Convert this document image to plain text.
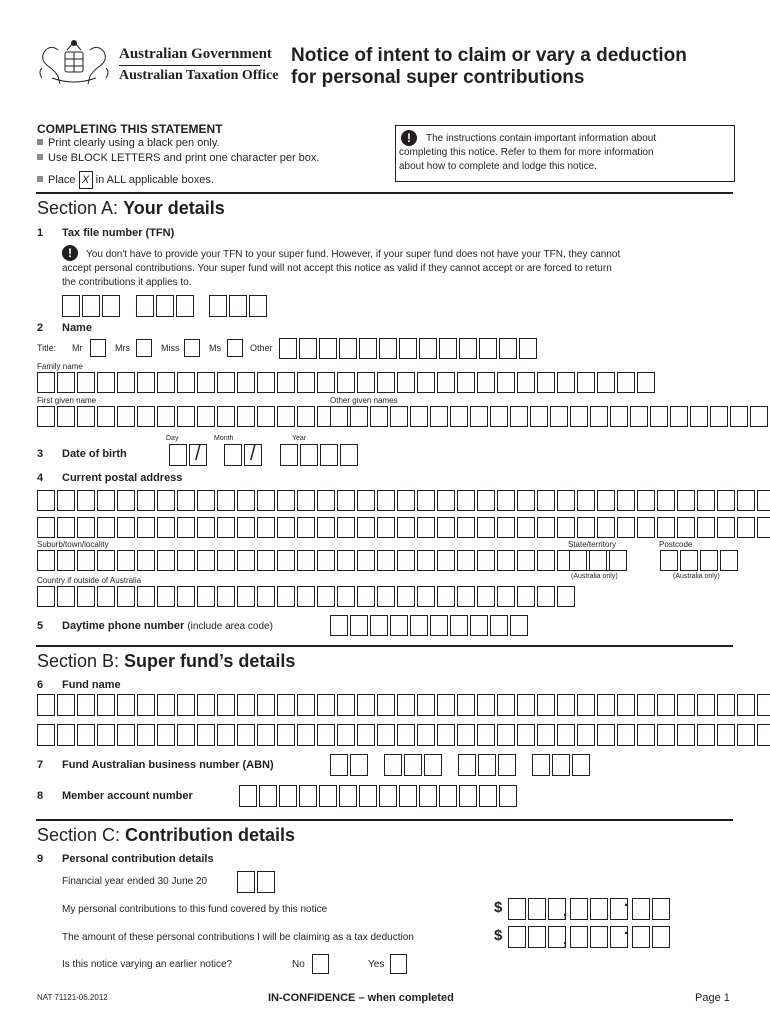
Australian Government
Australian Taxation Office
Notice of intent to claim or vary a deduction
for personal super contributions
COMPLETING THIS STATEMENT
Print clearly using a black pen only.
Use BLOCK LETTERS and print one character per box.
Place X in ALL applicable boxes.
!	The instructions contain important information about
completing this notice. Refer to them for more information
about how to complete and lodge this notice.
Section A: Your details
1 Tax file number (TFN)
!	You don't have to provide your TFN to your super fund. However, if your super fund does not have your TFN, they cannot
accept personal contributions. Your super fund will not accept this notice as valid if they cannot accept or are forced to return
the contributions it applies to.
2 Name
Title: Mr	Mrs	Miss	Ms	Other
Family name
First given name	Other given names
Day	Month	Year
3 Date of birth	/ /
4 Current postal address
Suburb/town/locality	State/territory	Postcode
(Australia only)	(Australia only)
Country if outside of Australia
5 Daytime phone number (include area code)
Section B: Super fund’s details
6 Fund name
7 Fund Australian business number (ABN)
8 Member account number
Section C: Contribution details
9 Personal contribution details
Financial year ended 30 June 20
My personal contributions to this fund covered by this notice	$	,	·
The amount of these personal contributions I will be claiming as a tax deduction	$	,	·
Is this notice varying an earlier notice?	No	Yes
NAT 71121-06.2012	IN-CONFIDENCE – when completed	Page 1
